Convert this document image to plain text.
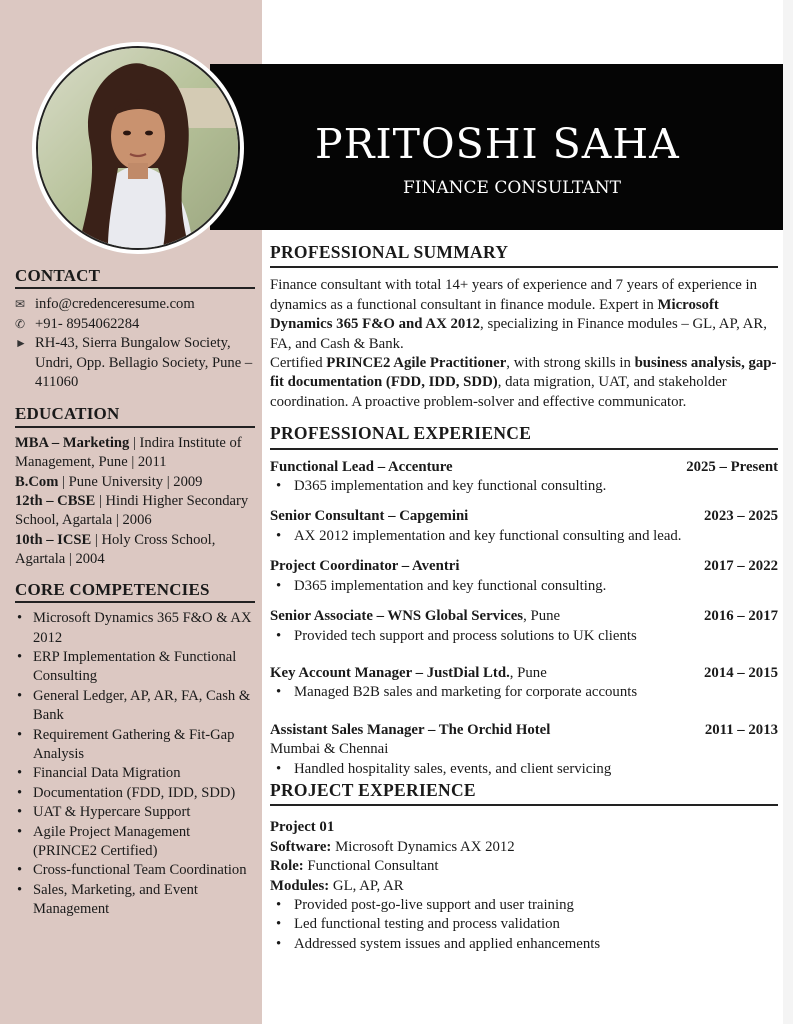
PRITOSHI SAHA
FINANCE CONSULTANT
CONTACT
✉ info@credenceresume.com
✆ +91- 8954062284
► RH-43, Sierra Bungalow Society, Undri, Opp. Bellagio Society, Pune – 411060
EDUCATION

MBA – Marketing | Indira Institute of Management, Pune | 2011

B.Com | Pune University | 2009

12th – CBSE | Hindi Higher Secondary School, Agartala | 2006

10th – ICSE | Holy Cross School, Agartala | 2004

CORE COMPETENCIES
• Microsoft Dynamics 365 F&O & AX 2012
• ERP Implementation & Functional Consulting
• General Ledger, AP, AR, FA, Cash & Bank
• Requirement Gathering & Fit-Gap Analysis
• Financial Data Migration
• Documentation (FDD, IDD, SDD)
• UAT & Hypercare Support
• Agile Project Management (PRINCE2 Certified)
• Cross-functional Team Coordination
• Sales, Marketing, and Event Management
PROFESSIONAL SUMMARY
Finance consultant with total 14+ years of experience and 7 years of experience in dynamics as a functional consultant in finance module. Expert in Microsoft Dynamics 365 F&O and AX 2012, specializing in Finance modules – GL, AP, AR, FA, and Cash & Bank.
Certified PRINCE2 Agile Practitioner, with strong skills in business analysis, gap-fit documentation (FDD, IDD, SDD), data migration, UAT, and stakeholder coordination. A proactive problem-solver and effective communicator.
PROFESSIONAL EXPERIENCE
Functional Lead – Accenture	2025 – Present
• D365 implementation and key functional consulting.
Senior Consultant – Capgemini	2023 – 2025
• AX 2012 implementation and key functional consulting and lead.
Project Coordinator – Aventri	2017 – 2022
• D365 implementation and key functional consulting.
Senior Associate – WNS Global Services, Pune	2016 – 2017
• Provided tech support and process solutions to UK clients
Key Account Manager – JustDial Ltd., Pune	2014 – 2015
• Managed B2B sales and marketing for corporate accounts
Assistant Sales Manager – The Orchid Hotel	2011 – 2013
Mumbai & Chennai
• Handled hospitality sales, events, and client servicing
PROJECT EXPERIENCE
Project 01
Software: Microsoft Dynamics AX 2012
Role: Functional Consultant
Modules: GL, AP, AR
• Provided post-go-live support and user training
• Led functional testing and process validation
• Addressed system issues and applied enhancements
